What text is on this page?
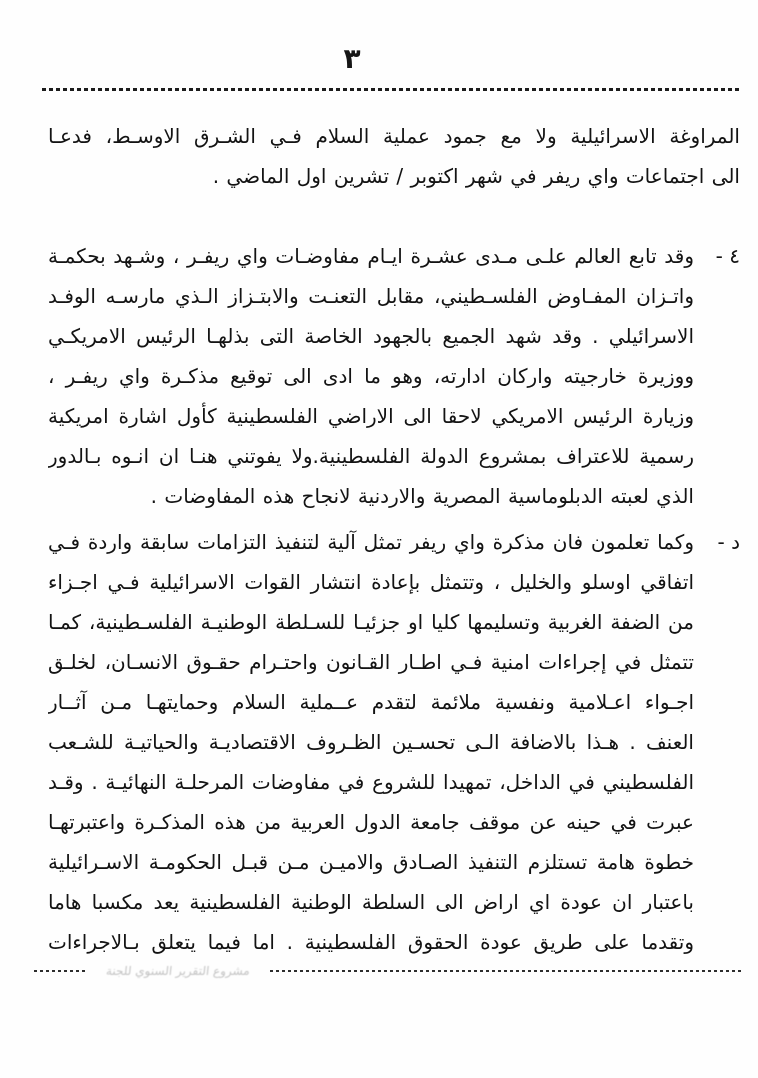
٣
المراوغة الاسرائيلية ولا مع جمود عملية السلام فـي الشـرق الاوسـط، فدعـا
الى اجتماعات واي ريفر في شهر اكتوبر / تشرين اول الماضي .
٤ -
وقد تابع العالم علـى مـدى عشـرة ايـام مفاوضـات واي ريفـر ، وشـهد بحكمـة
واتـزان المفـاوض الفلسـطيني، مقابل التعنـت والابتـزاز الـذي مارسـه الوفـد
الاسرائيلي . وقد شهد الجميع بالجهود الخاصة التى بذلهـا الرئيس الامريكـي
ووزيرة خارجيته واركان ادارته، وهو ما ادى الى توقيع مذكـرة واي ريفـر ،
وزيارة الرئيس الامريكي لاحقا الى الاراضي الفلسطينية كأول اشارة امريكية
رسمية للاعتراف بمشروع الدولة الفلسطينية.ولا يفوتني هنـا ان انـوه بـالدور
الذي لعبته الدبلوماسية المصرية والاردنية لانجاح هذه المفاوضات .
د -
وكما تعلمون فان مذكرة واي ريفر تمثل آلية لتنفيذ التزامات سابقة واردة فـي
اتفاقي اوسلو والخليل ، وتتمثل بإعادة انتشار القوات الاسرائيلية فـي اجـزاء
من الضفة الغربية وتسليمها كليا او جزئيـا للسـلطة الوطنيـة الفلسـطينية، كمـا
تتمثل في إجراءات امنية فـي اطـار القـانون واحتـرام حقـوق الانسـان، لخلـق
اجـواء اعـلامية ونفسية ملائمة لتقدم عــملية السلام وحمايتهـا مـن آثــار
العنف . هـذا بالاضافة الـى تحسـين الظـروف الاقتصاديـة والحياتيـة للشـعب
الفلسطيني في الداخل، تمهيدا للشروع في مفاوضات المرحلـة النهائيـة . وقـد
عبرت في حينه عن موقف جامعة الدول العربية من هذه المذكـرة واعتبرتهـا
خطوة هامة تستلزم التنفيذ الصـادق والاميـن مـن قبـل الحكومـة الاسـرائيلية
باعتبار ان عودة اي اراض الى السلطة الوطنية الفلسطينية يعد مكسبا هاما
وتقدما على طريق عودة الحقوق الفلسطينية . اما فيما يتعلق بـالاجراءات
مشروع التقرير السنوي للجنة
